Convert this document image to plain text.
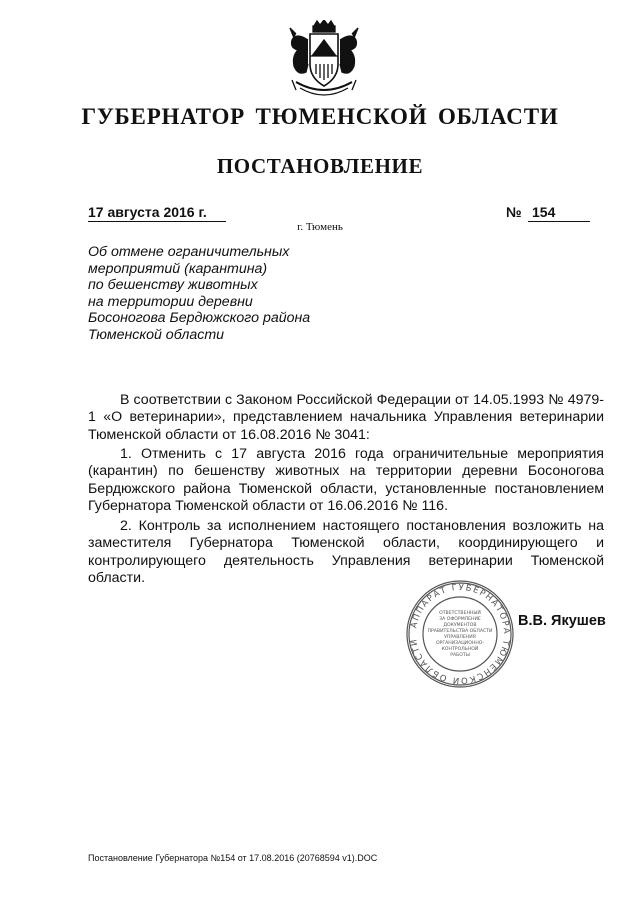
ГУБЕРНАТОР ТЮМЕНСКОЙ ОБЛАСТИ
ПОСТАНОВЛЕНИЕ
17 августа 2016 г.	№ 154
г. Тюмень
Об отмене ограничительных
мероприятий (карантина)
по бешенству животных
на территории деревни
Босоногова Бердюжского района
Тюменской области
В соответствии с Законом Российской Федерации от 14.05.1993 № 4979-1 «О ветеринарии», представлением начальника Управления ветеринарии Тюменской области от 16.08.2016 № 3041:
1. Отменить с 17 августа 2016 года ограничительные мероприятия (карантин) по бешенству животных на территории деревни Босоногова Бердюжского района Тюменской области, установленные постановлением Губернатора Тюменской области от 16.06.2016 № 116.
2. Контроль за исполнением настоящего постановления возложить на заместителя Губернатора Тюменской области, координирующего и контролирующего деятельность Управления ветеринарии Тюменской области.
АППАРАТ ГУБЕРНАТОРА ТЮМЕНСКОЙ ОБЛАСТИ
ОТВЕТСТВЕННЫЙ
ЗА ОФОРМЛЕНИЕ
ДОКУМЕНТОВ
ПРАВИТЕЛЬСТВА ОБЛАСТИ
УПРАВЛЕНИЯ
ОРГАНИЗАЦИОННО-
КОНТРОЛЬНОЙ
РАБОТЫ
В.В. Якушев
Постановление Губернатора №154 от 17.08.2016 (20768594 v1).DOC
